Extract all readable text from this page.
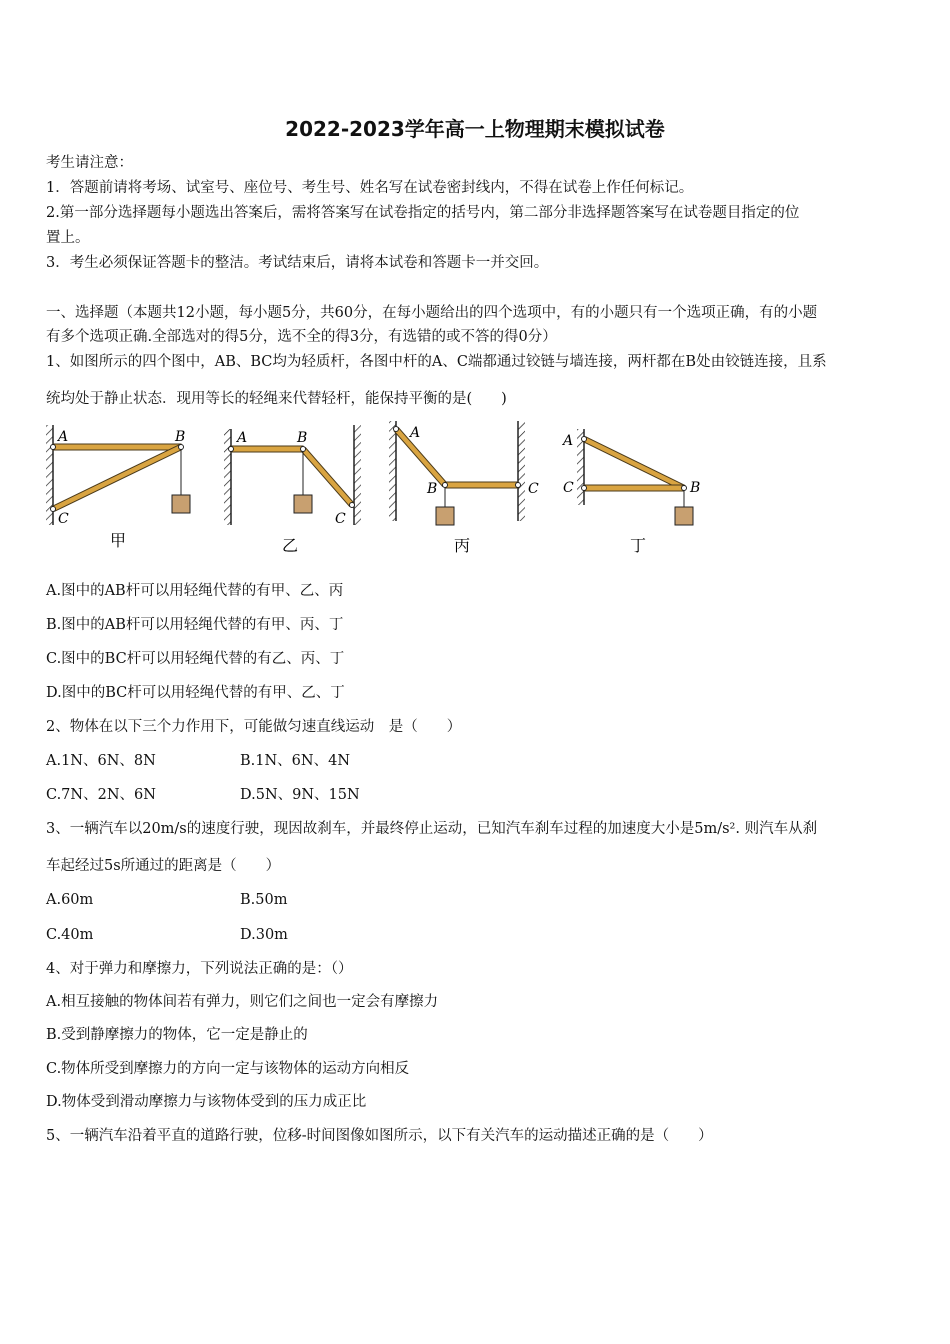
2022-2023学年高一上物理期末模拟试卷
考生请注意：
1．答题前请将考场、试室号、座位号、考生号、姓名写在试卷密封线内，不得在试卷上作任何标记。
2.第一部分选择题每小题选出答案后，需将答案写在试卷指定的括号内，第二部分非选择题答案写在试卷题目指定的位
置上。
3．考生必须保证答题卡的整洁。考试结束后，请将本试卷和答题卡一并交回。
一、选择题（本题共12小题，每小题5分，共60分，在每小题给出的四个选项中，有的小题只有一个选项正确，有的小题
有多个选项正确.全部选对的得5分，选不全的得3分，有选错的或不答的得0分）
1、如图所示的四个图中，AB、BC均为轻质杆，各图中杆的A、C端都通过铰链与墙连接，两杆都在B处由铰链连接，且系
统均处于静止状态．现用等长的轻绳来代替轻杆，能保持平衡的是(　　)
A	B
C
甲
A	B
C
乙
A
B	C
丙
A
B
C
丁
A.图中的AB杆可以用轻绳代替的有甲、乙、丙
B.图中的AB杆可以用轻绳代替的有甲、丙、丁
C.图中的BC杆可以用轻绳代替的有乙、丙、丁
D.图中的BC杆可以用轻绳代替的有甲、乙、丁
2、物体在以下三个力作用下，可能做匀速直线运动　是（　　）
A.1N、6N、8N	B.1N、6N、4N
C.7N、2N、6N	D.5N、9N、15N
3、一辆汽车以20m/s的速度行驶，现因故刹车，并最终停止运动，已知汽车刹车过程的加速度大小是5m/s². 则汽车从刹
车起经过5s所通过的距离是（　　）
A.60m	B.50m
C.40m	D.30m
4、对于弹力和摩擦力，下列说法正确的是：（）
A.相互接触的物体间若有弹力，则它们之间也一定会有摩擦力
B.受到静摩擦力的物体，它一定是静止的
C.物体所受到摩擦力的方向一定与该物体的运动方向相反
D.物体受到滑动摩擦力与该物体受到的压力成正比
5、一辆汽车沿着平直的道路行驶，位移-时间图像如图所示，以下有关汽车的运动描述正确的是（　　）
